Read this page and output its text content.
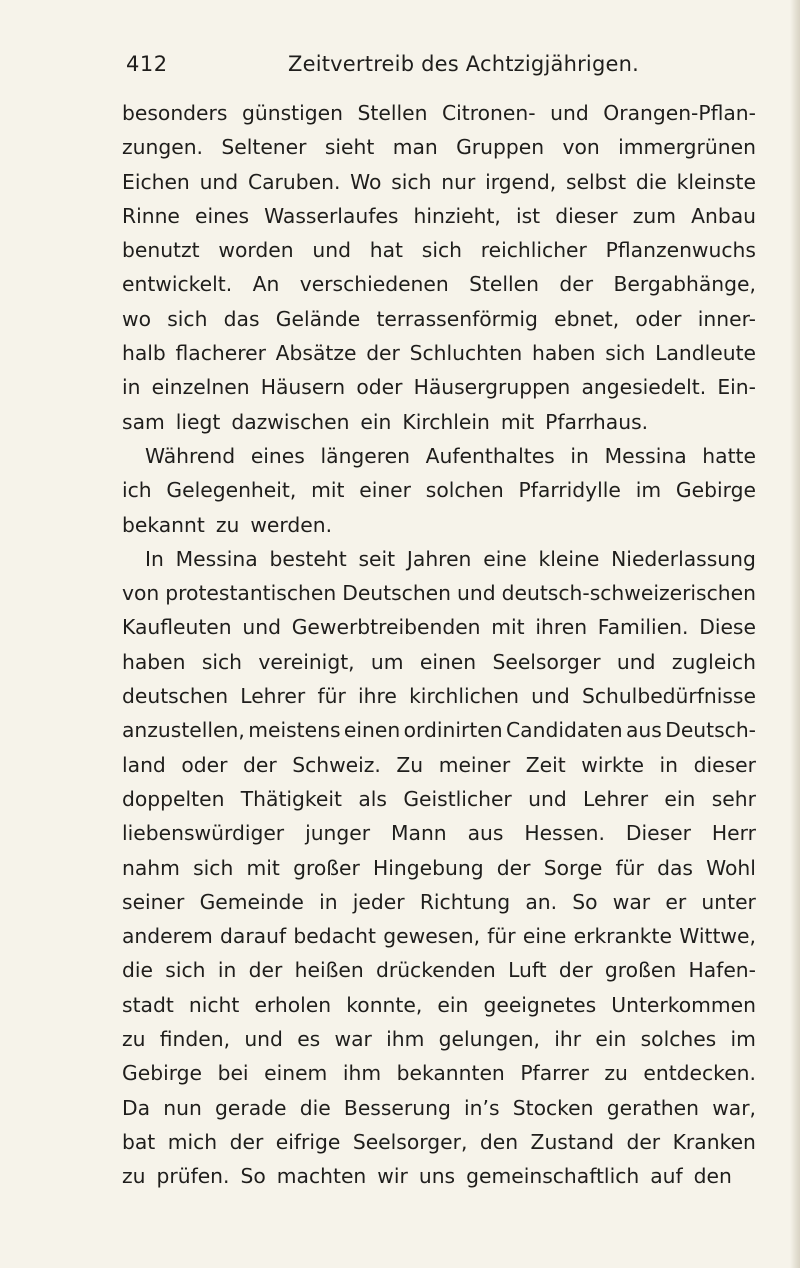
412	Zeitvertreib des Achtzigjährigen.
besonders günstigen Stellen Citronen- und Orangen-Pflan-
zungen. Seltener sieht man Gruppen von immergrünen
Eichen und Caruben. Wo sich nur irgend, selbst die kleinste
Rinne eines Wasserlaufes hinzieht, ist dieser zum Anbau
benutzt worden und hat sich reichlicher Pflanzenwuchs
entwickelt. An verschiedenen Stellen der Bergabhänge,
wo sich das Gelände terrassenförmig ebnet, oder inner-
halb flacherer Absätze der Schluchten haben sich Landleute
in einzelnen Häusern oder Häusergruppen angesiedelt. Ein-
sam liegt dazwischen ein Kirchlein mit Pfarrhaus.
Während eines längeren Aufenthaltes in Messina hatte
ich Gelegenheit, mit einer solchen Pfarridylle im Gebirge
bekannt zu werden.
In Messina besteht seit Jahren eine kleine Niederlassung
von protestantischen Deutschen und deutsch-schweizerischen
Kaufleuten und Gewerbtreibenden mit ihren Familien. Diese
haben sich vereinigt, um einen Seelsorger und zugleich
deutschen Lehrer für ihre kirchlichen und Schulbedürfnisse
anzustellen, meistens einen ordinirten Candidaten aus Deutsch-
land oder der Schweiz. Zu meiner Zeit wirkte in dieser
doppelten Thätigkeit als Geistlicher und Lehrer ein sehr
liebenswürdiger junger Mann aus Hessen. Dieser Herr
nahm sich mit großer Hingebung der Sorge für das Wohl
seiner Gemeinde in jeder Richtung an. So war er unter
anderem darauf bedacht gewesen, für eine erkrankte Wittwe,
die sich in der heißen drückenden Luft der großen Hafen-
stadt nicht erholen konnte, ein geeignetes Unterkommen
zu finden, und es war ihm gelungen, ihr ein solches im
Gebirge bei einem ihm bekannten Pfarrer zu entdecken.
Da nun gerade die Besserung in’s Stocken gerathen war,
bat mich der eifrige Seelsorger, den Zustand der Kranken
zu prüfen. So machten wir uns gemeinschaftlich auf den
